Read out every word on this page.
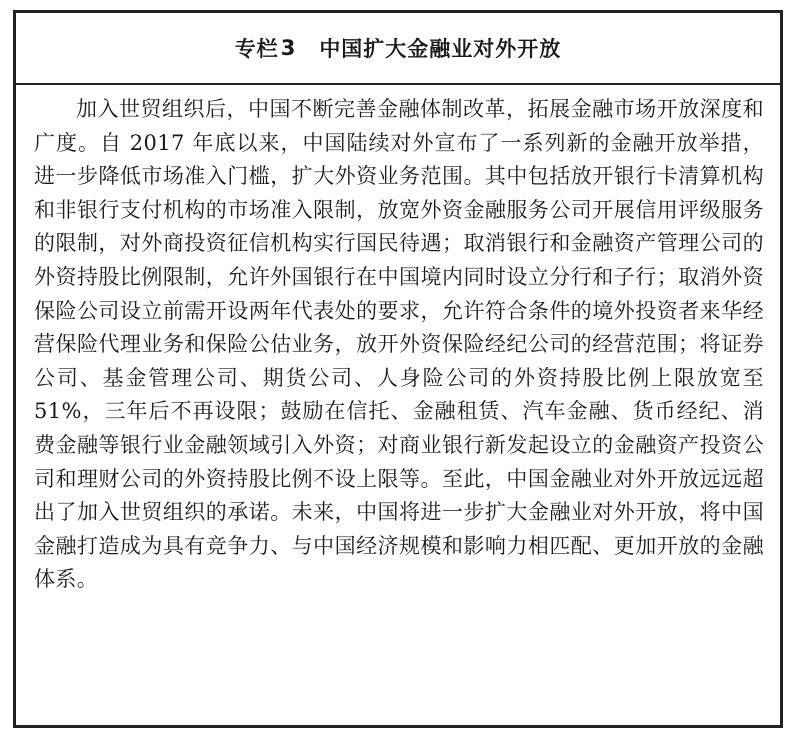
专栏 3 中国扩大金融业对外开放

加入世贸组织后，中国不断完善金融体制改革，拓展金融市场开放深度和广度。自 2017 年底以来，中国陆续对外宣布了一系列新的金融开放举措，进一步降低市场准入门槛，扩大外资业务范围。其中包括放开银行卡清算机构和非银行支付机构的市场准入限制，放宽外资金融服务公司开展信用评级服务的限制，对外商投资征信机构实行国民待遇；取消银行和金融资产管理公司的外资持股比例限制，允许外国银行在中国境内同时设立分行和子行；取消外资保险公司设立前需开设两年代表处的要求，允许符合条件的境外投资者来华经营保险代理业务和保险公估业务，放开外资保险经纪公司的经营范围；将证券公司、基金管理公司、期货公司、人身险公司的外资持股比例上限放宽至 51%，三年后不再设限；鼓励在信托、金融租赁、汽车金融、货币经纪、消费金融等银行业金融领域引入外资；对商业银行新发起设立的金融资产投资公司和理财公司的外资持股比例不设上限等。至此，中国金融业对外开放远远超出了加入世贸组织的承诺。未来，中国将进一步扩大金融业对外开放，将中国金融打造成为具有竞争力、与中国经济规模和影响力相匹配、更加开放的金融体系。
